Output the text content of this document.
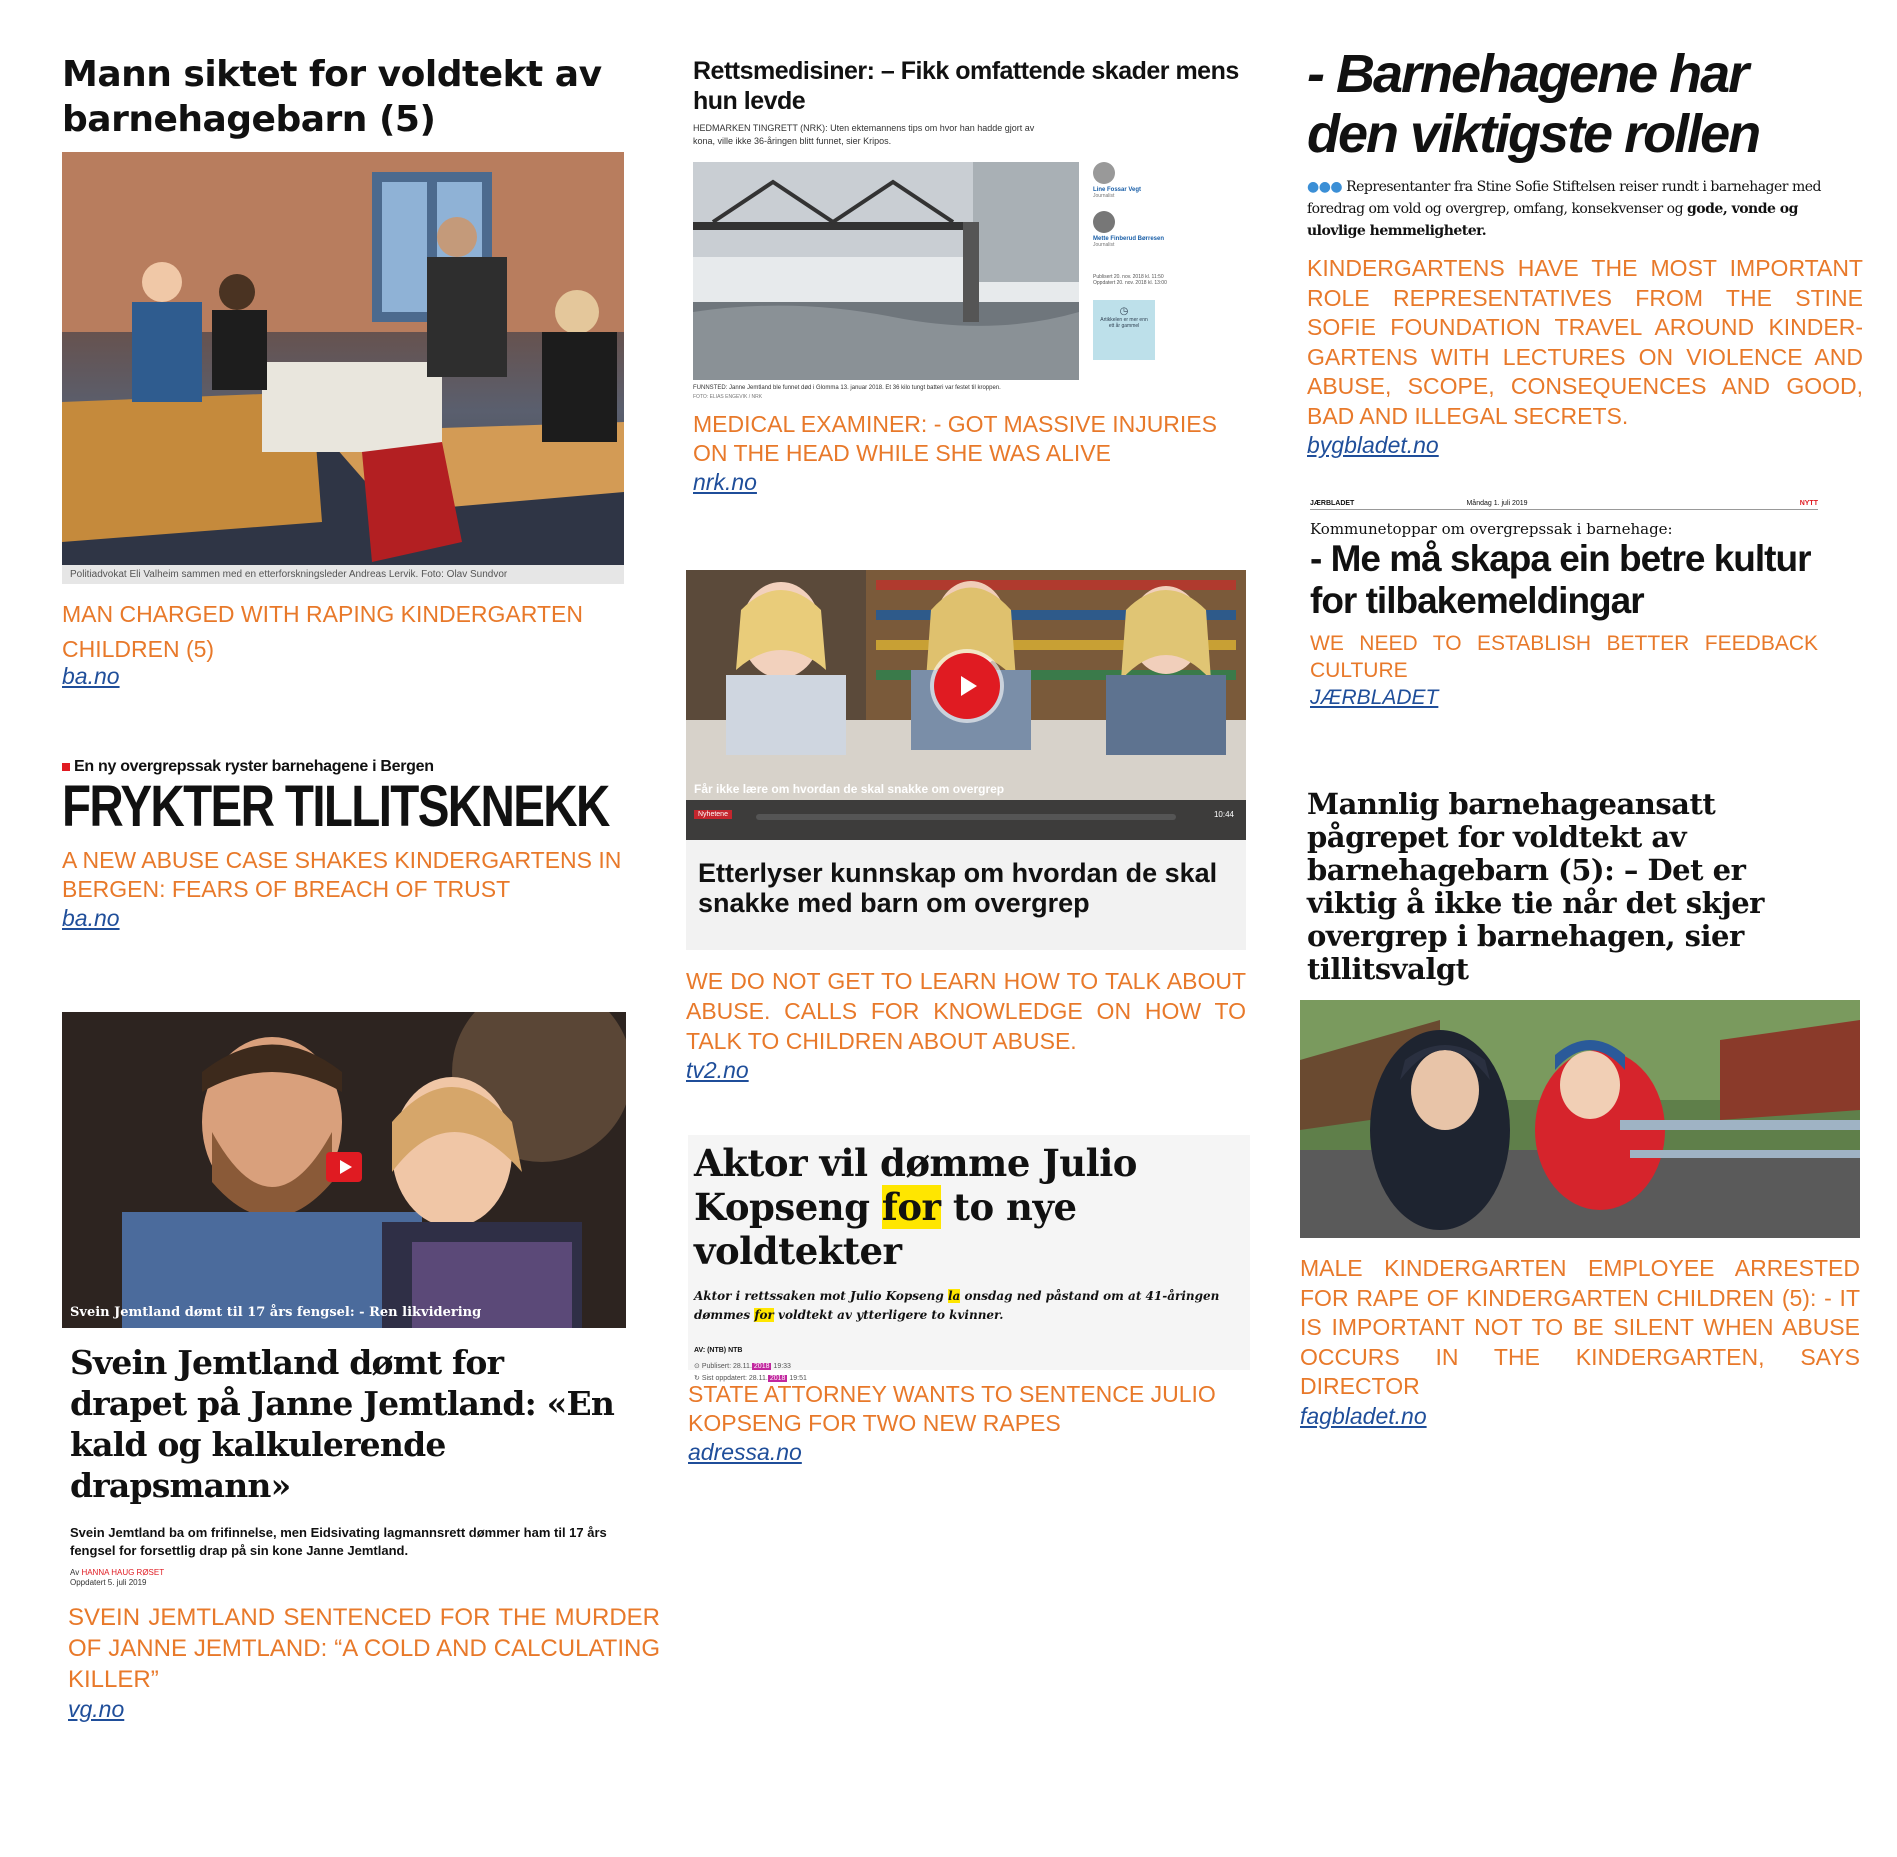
Mann siktet for voldtekt av barnehagebarn (5)
Politiadvokat Eli Valheim sammen med en etterforskningsleder Andreas Lervik. Foto: Olav Sundvor
MAN CHARGED WITH RAPING KINDERGARTEN CHILDREN (5)
ba.no
En ny overgrepssak ryster barnehagene i Bergen
FRYKTER TILLITSKNEKK
A NEW ABUSE CASE SHAKES KINDERGARTENS IN BERGEN: FEARS OF BREACH OF TRUST
ba.no
Svein Jemtland dømt til 17 års fengsel: - Ren likvidering
Svein Jemtland dømt for drapet på Janne Jemtland: «En kald og kalkulerende drapsmann»
Svein Jemtland ba om frifinnelse, men Eidsivating lagmannsrett dømmer ham til 17 års fengsel for forsettlig drap på sin kone Janne Jemtland.
Av HANNA HAUG RØSET
Oppdatert 5. juli 2019
SVEIN JEMTLAND SENTENCED FOR THE MURDER OF JANNE JEMTLAND: “A COLD AND CALCULATING KILLER”
vg.no
Rettsmedisiner: – Fikk omfattende skader mens hun levde
HEDMARKEN TINGRETT (NRK): Uten ektemannens tips om hvor han hadde gjort av kona, ville ikke 36-åringen blitt funnet, sier Kripos.
Line Fossar Vegt
Journalist
Mette Finberud Børresen
Journalist
Publisert 20. nov. 2018 kl. 11:50
Oppdatert 20. nov. 2018 kl. 13:00
◷
Artikkelen er mer enn ett år gammel
FUNNSTED: Janne Jemtland ble funnet død i Glomma 13. januar 2018. Et 36 kilo tungt batteri var festet til kroppen.
FOTO: ELIAS ENGEVIK / NRK
MEDICAL EXAMINER: - GOT MASSIVE INJURIES ON THE HEAD WHILE SHE WAS ALIVE
nrk.no
Får ikke lære om hvordan de skal snakke om overgrep
Nyhetene	10:44
Etterlyser kunnskap om hvordan de skal snakke med barn om overgrep
WE DO NOT GET TO LEARN HOW TO TALK ABOUT ABUSE. CALLS FOR KNOWLEDGE ON HOW TO TALK TO CHILDREN ABOUT ABUSE.
tv2.no
Aktor vil dømme Julio Kopseng for to nye voldtekter
Aktor i rettssaken mot Julio Kopseng la onsdag ned påstand om at 41-åringen dømmes for voldtekt av ytterligere to kvinner.
AV: (NTB) NTB
⊙ Publisert: 28.11. 2018 19:33
↻ Sist oppdatert: 28.11. 2018 19:51
STATE ATTORNEY WANTS TO SENTENCE JULIO KOPSENG FOR TWO NEW RAPES
adressa.no
- Barnehagene har den viktigste rollen
●●● Representanter fra Stine Sofie Stiftelsen reiser rundt i barnehager med foredrag om vold og overgrep, omfang, konsekvenser og gode, vonde og ulovlige hemmeligheter.
KINDERGARTENS HAVE THE MOST IMPORTANT ROLE REPRESENTATIVES FROM THE STINE SOFIE FOUNDATION TRAVEL AROUND KINDER-GARTENS WITH LECTURES ON VIOLENCE AND ABUSE, SCOPE, CONSEQUENCES AND GOOD, BAD AND ILLEGAL SECRETS.
bygbladet.no
JÆRBLADET	Måndag 1. juli 2019	NYTT
Kommunetoppar om overgrepssak i barnehage:
- Me må skapa ein betre kultur for tilbakemeldingar
WE NEED TO ESTABLISH BETTER FEEDBACK CULTURE
JÆRBLADET
Mannlig barnehageansatt pågrepet for voldtekt av barnehagebarn (5): – Det er viktig å ikke tie når det skjer overgrep i barnehagen, sier tillitsvalgt
MALE KINDERGARTEN EMPLOYEE ARRESTED FOR RAPE OF KINDERGARTEN CHILDREN (5): - IT IS IMPORTANT NOT TO BE SILENT WHEN ABUSE OCCURS IN THE KINDERGARTEN, SAYS DIRECTOR
fagbladet.no
